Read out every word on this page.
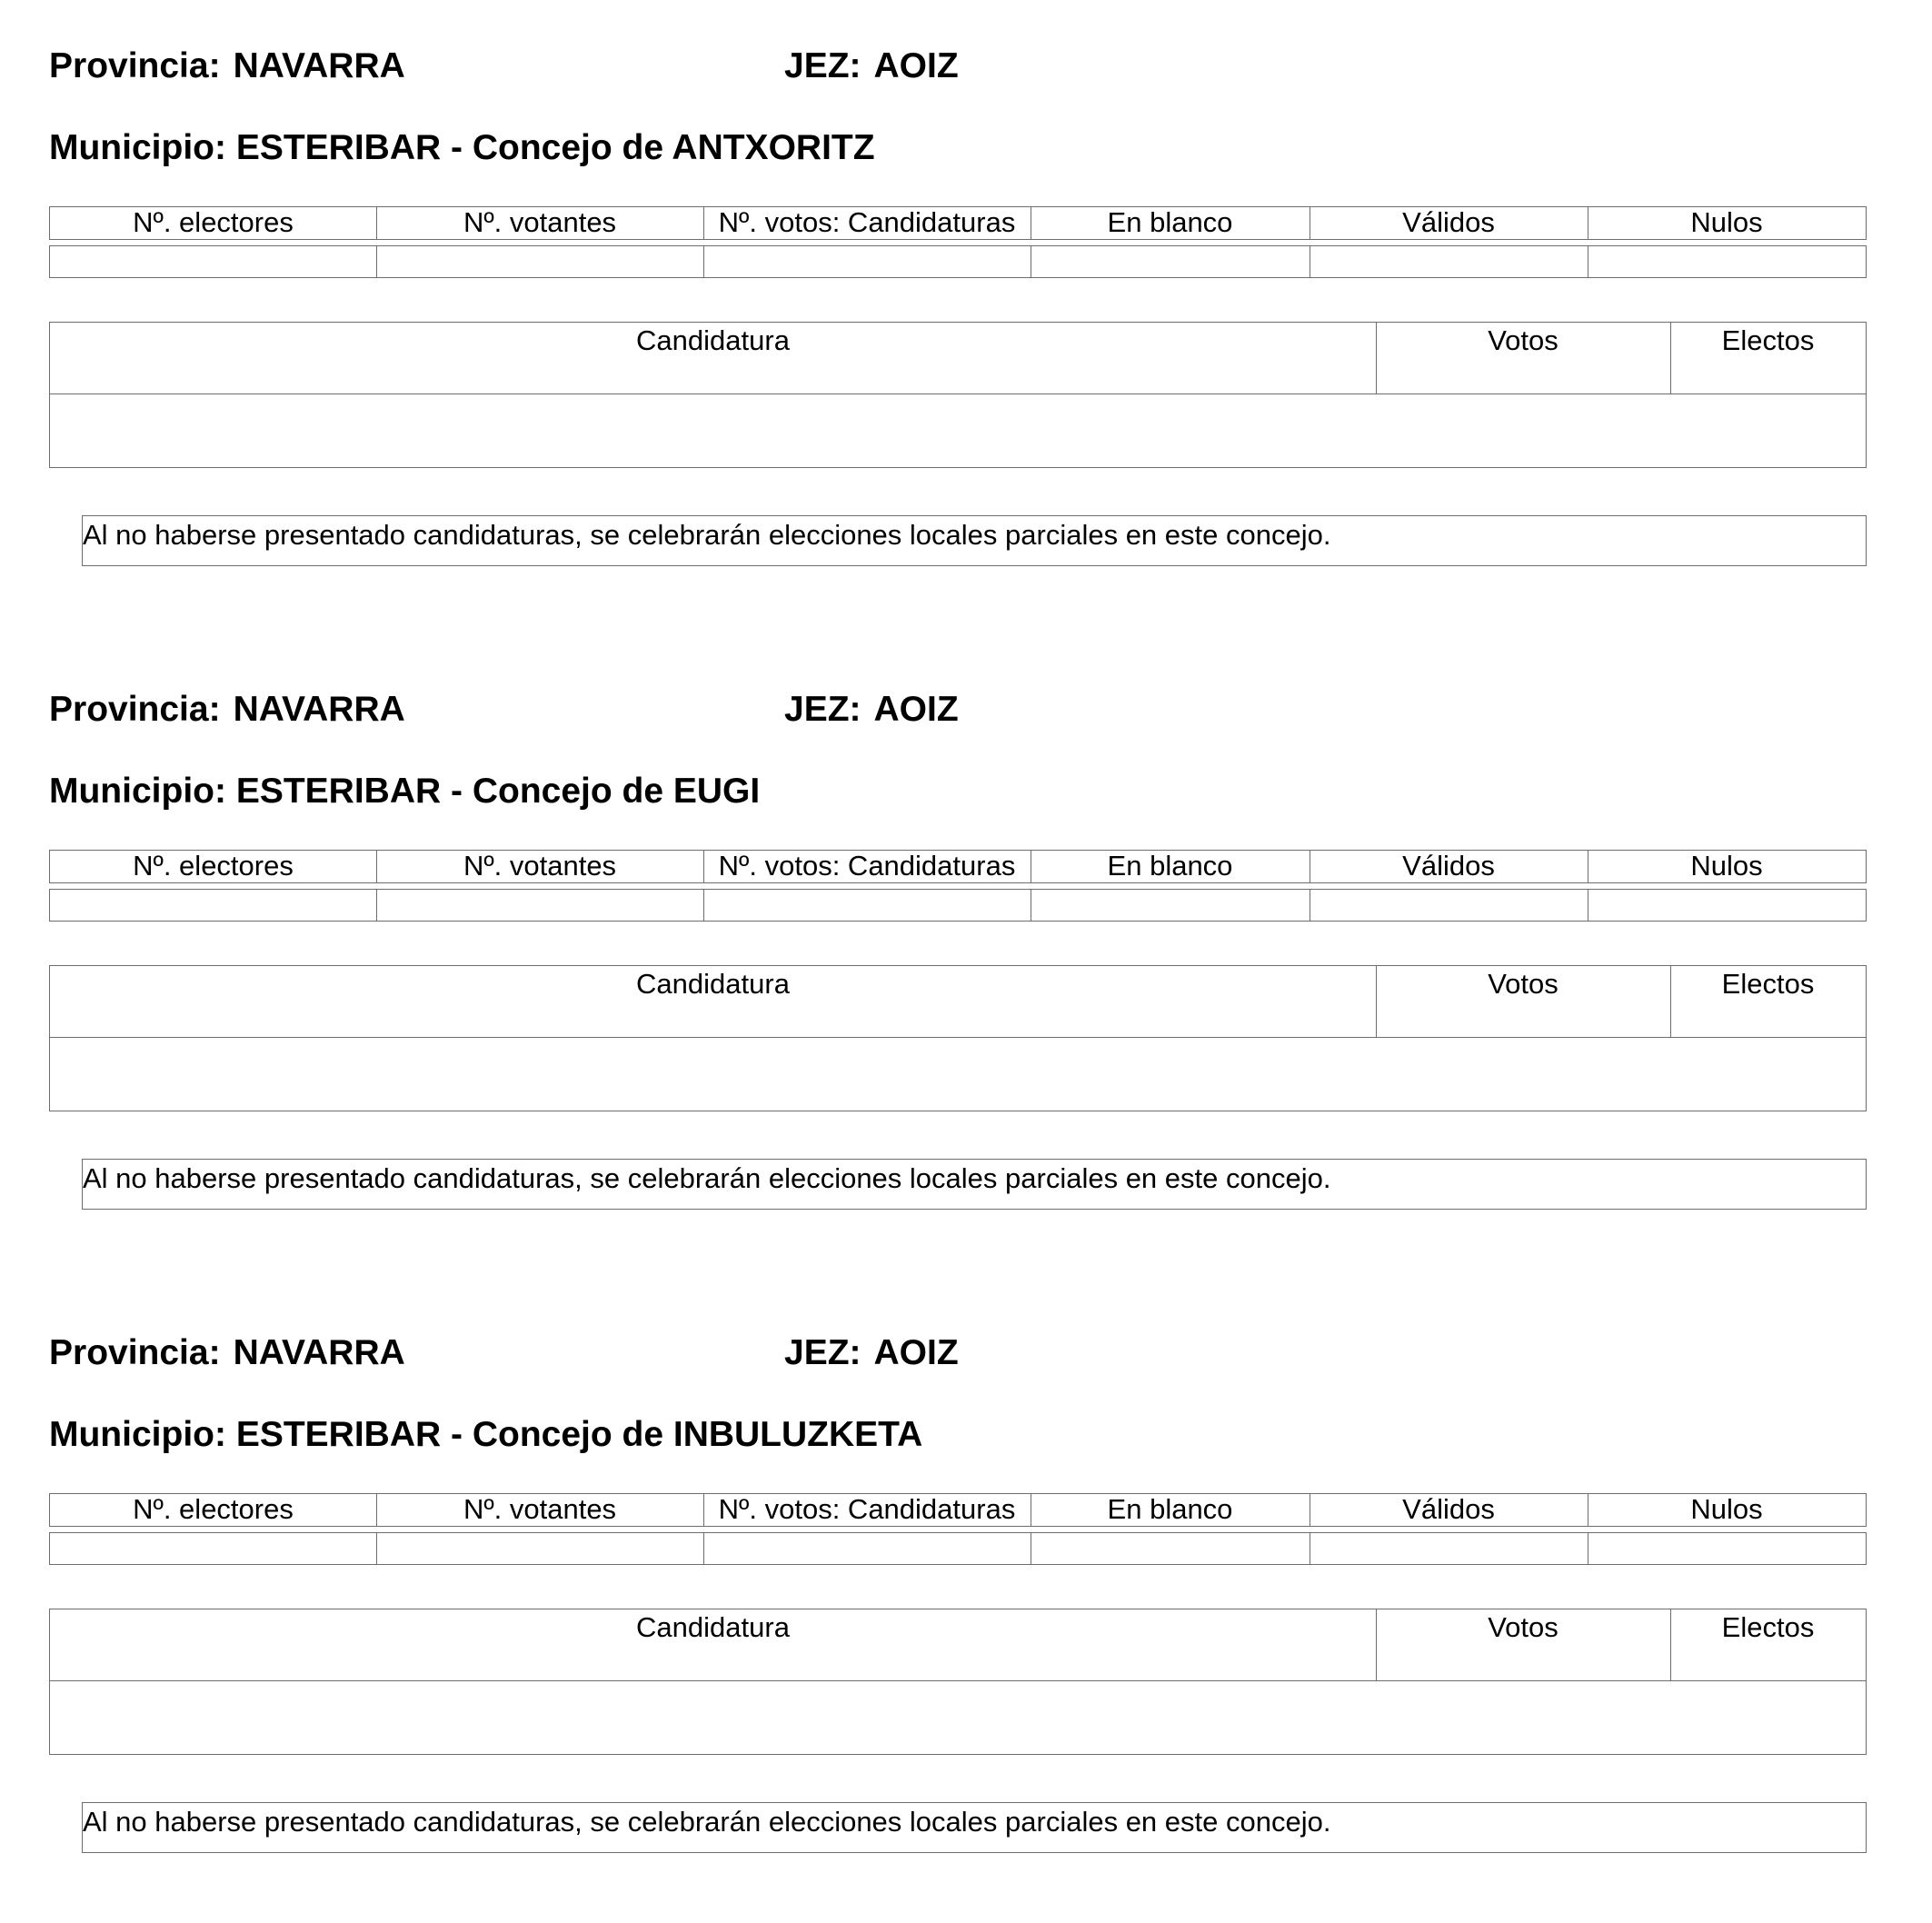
Provincia: NAVARRA	JEZ: AOIZ
Municipio: ESTERIBAR - Concejo de ANTXORITZ
Nº. electores	Nº. votantes	Nº. votos: Candidaturas	En blanco	Válidos	Nulos
Candidatura	Votos	Electos
Al no haberse presentado candidaturas, se celebrarán elecciones locales parciales en este concejo.
Provincia: NAVARRA	JEZ: AOIZ
Municipio: ESTERIBAR - Concejo de EUGI
Nº. electores	Nº. votantes	Nº. votos: Candidaturas	En blanco	Válidos	Nulos
Candidatura	Votos	Electos
Al no haberse presentado candidaturas, se celebrarán elecciones locales parciales en este concejo.
Provincia: NAVARRA	JEZ: AOIZ
Municipio: ESTERIBAR - Concejo de INBULUZKETA
Nº. electores	Nº. votantes	Nº. votos: Candidaturas	En blanco	Válidos	Nulos
Candidatura	Votos	Electos
Al no haberse presentado candidaturas, se celebrarán elecciones locales parciales en este concejo.
